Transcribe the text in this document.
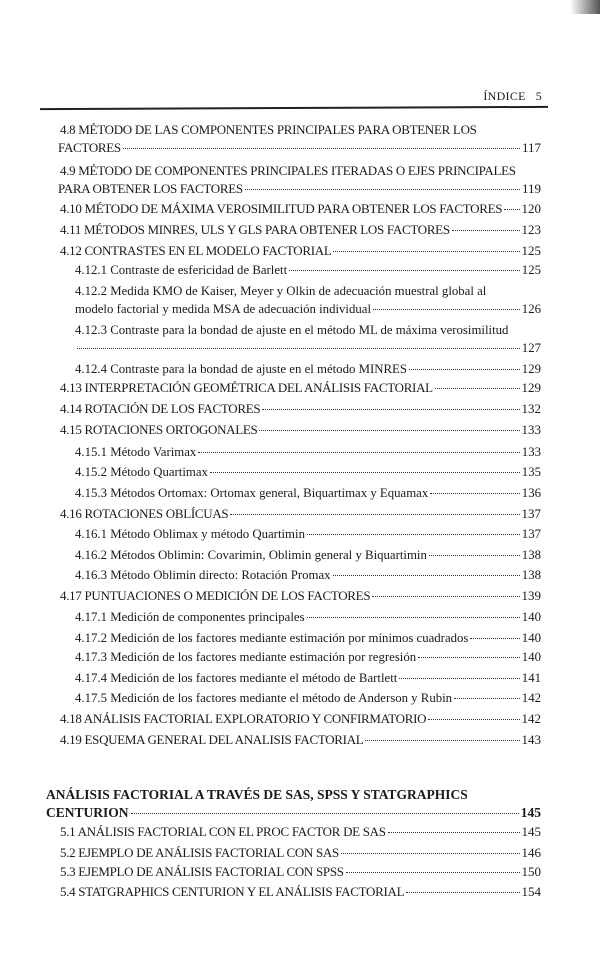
ÍNDICE 5
4.8 MÉTODO DE LAS COMPONENTES PRINCIPALES PARA OBTENER LOS
FACTORES	117
4.9 MÉTODO DE COMPONENTES PRINCIPALES ITERADAS O EJES PRINCIPALES
PARA OBTENER LOS FACTORES	119
4.10 MÉTODO DE MÁXIMA VEROSIMILITUD PARA OBTENER LOS FACTORES 120
4.11 MÉTODOS MINRES, ULS Y GLS PARA OBTENER LOS FACTORES	123
4.12 CONTRASTES EN EL MODELO FACTORIAL	125
4.12.1 Contraste de esfericidad de Barlett	125
4.12.2 Medida KMO de Kaiser, Meyer y Olkin de adecuación muestral global al
modelo factorial y medida MSA de adecuación individual	126
4.12.3 Contraste para la bondad de ajuste en el método ML de máxima verosimilitud
127
4.12.4 Contraste para la bondad de ajuste en el método MINRES	129
4.13 INTERPRETACIÓN GEOMÉTRICA DEL ANÁLISIS FACTORIAL	129
4.14 ROTACIÓN DE LOS FACTORES	132
4.15 ROTACIONES ORTOGONALES	133
4.15.1 Método Varimax	133
4.15.2 Método Quartimax	135
4.15.3 Métodos Ortomax: Ortomax general, Biquartimax y Equamax	136
4.16 ROTACIONES OBLÍCUAS	137
4.16.1 Método Oblimax y método Quartimin	137
4.16.2 Métodos Oblimin: Covarimin, Oblimin general y Biquartimin	138
4.16.3 Método Oblimin directo: Rotación Promax	138
4.17 PUNTUACIONES O MEDICIÓN DE LOS FACTORES	139
4.17.1 Medición de componentes principales	140
4.17.2 Medición de los factores mediante estimación por mínimos cuadrados	140
4.17.3 Medición de los factores mediante estimación por regresión	140
4.17.4 Medición de los factores mediante el método de Bartlett	141
4.17.5 Medición de los factores mediante el método de Anderson y Rubin	142
4.18 ANÁLISIS FACTORIAL EXPLORATORIO Y CONFIRMATORIO	142
4.19 ESQUEMA GENERAL DEL ANALISIS FACTORIAL	143
ANÁLISIS FACTORIAL A TRAVÉS DE SAS, SPSS Y STATGRAPHICS
CENTURION	145
5.1 ANÁLISIS FACTORIAL CON EL PROC FACTOR DE SAS	145
5.2 EJEMPLO DE ANÁLISIS FACTORIAL CON SAS	146
5.3 EJEMPLO DE ANÁLISIS FACTORIAL CON SPSS	150
5.4 STATGRAPHICS CENTURION Y EL ANÁLISIS FACTORIAL	154
